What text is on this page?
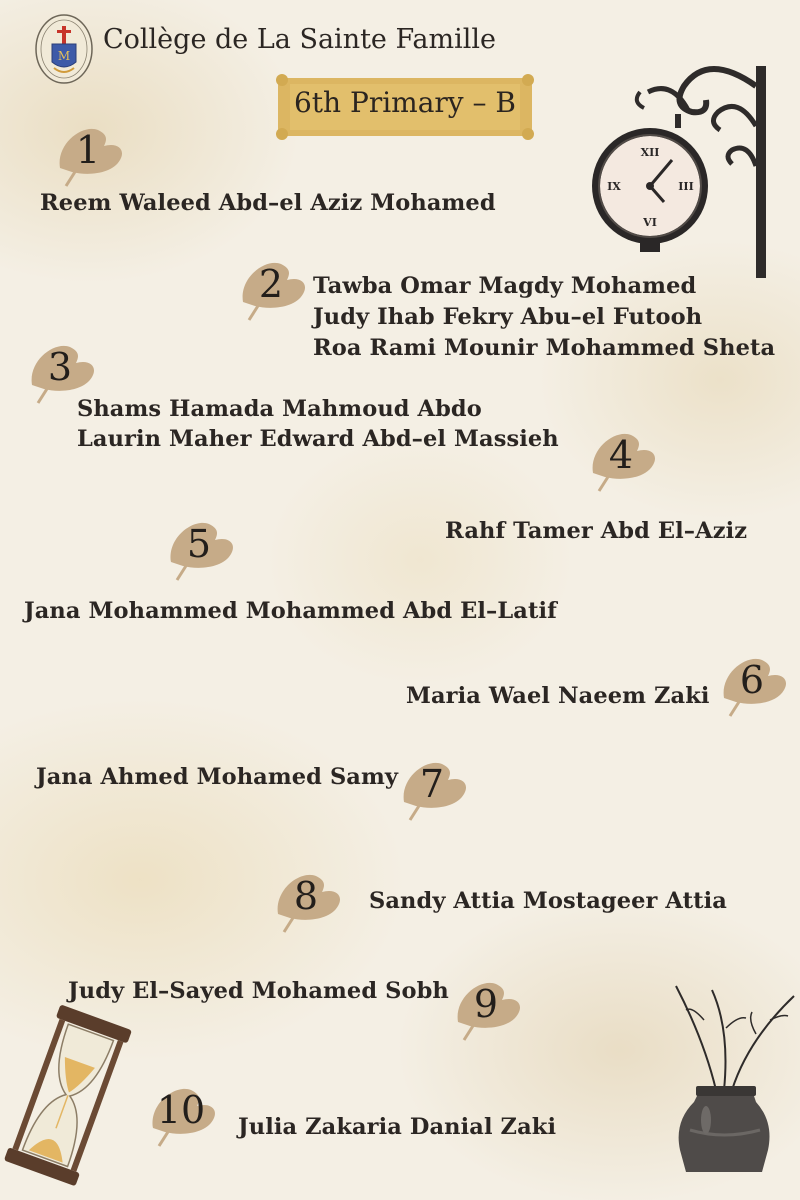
M
Collège de La Sainte Famille
6th Primary – B
XII
III
VI
IX
1
Reem Waleed Abd–el Aziz Mohamed
2	Tawba Omar Magdy Mohamed
Judy Ihab Fekry Abu–el Futooh
Roa Rami Mounir Mohammed Sheta
3
Shams Hamada Mahmoud Abdo
Laurin Maher Edward Abd–el Massieh	4
Rahf Tamer Abd El–Aziz
5
Jana Mohammed Mohammed Abd El–Latif
6
Maria Wael Naeem Zaki
7
Jana Ahmed Mohamed Samy
8	Sandy Attia Mostageer Attia
9
Judy El–Sayed Mohamed Sobh
10	Julia Zakaria Danial Zaki
